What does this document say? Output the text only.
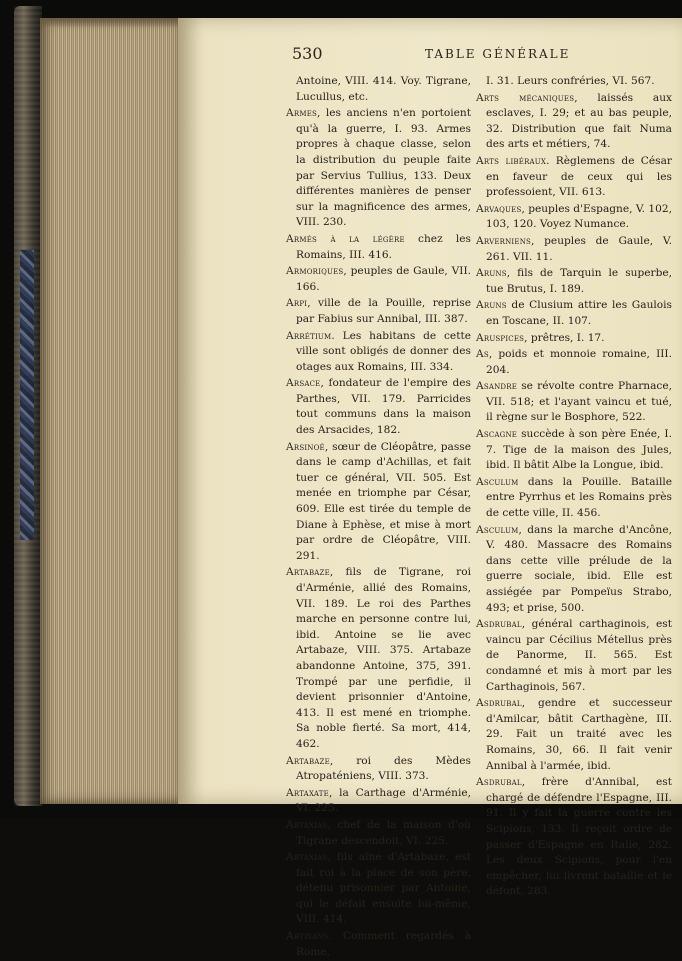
530	TABLE GÉNÉRALE
Antoine, VIII. 414. Voy. Tigrane, Lucullus, etc.
Armes, les anciens n'en portoient qu'à la guerre, I. 93. Armes propres à chaque classe, selon la distribution du peuple faite par Servius Tullius, 133. Deux différentes manières de penser sur la magnificence des armes, VIII. 230.
Armés à la légère chez les Romains, III. 416.
Armoriques, peuples de Gaule, VII. 166.
Arpi, ville de la Pouille, reprise par Fabius sur Annibal, III. 387.
Arrétium. Les habitans de cette ville sont obligés de donner des otages aux Romains, III. 334.
Arsace, fondateur de l'empire des Parthes, VII. 179. Parricides tout communs dans la maison des Arsacides, 182.
Arsinoé, sœur de Cléopâtre, passe dans le camp d'Achillas, et fait tuer ce général, VII. 505. Est menée en triomphe par César, 609. Elle est tirée du temple de Diane à Ephèse, et mise à mort par ordre de Cléopâtre, VIII. 291.
Artabaze, fils de Tigrane, roi d'Arménie, allié des Romains, VII. 189. Le roi des Parthes marche en personne contre lui, ibid. Antoine se lie avec Artabaze, VIII. 375. Artabaze abandonne Antoine, 375, 391. Trompé par une perfidie, il devient prisonnier d'Antoine, 413. Il est mené en triomphe. Sa noble fierté. Sa mort, 414, 462.
Artabaze, roi des Mèdes Atropaténiens, VIII. 373.
Artaxate, la Carthage d'Arménie, VI. 225.
Artaxias, chef de la maison d'où Tigrane descendoit, VI. 225.
Artaxias, fils aîné d'Artabaze, est fait roi à la place de son père, détenu prisonnier par Antoine, qui le défait ensuite lui-même, VIII. 414.
Artisans. Comment regardés à Rome,
I. 31. Leurs confréries, VI. 567.
Arts mécaniques, laissés aux esclaves, I. 29; et au bas peuple, 32. Distribution que fait Numa des arts et métiers, 74.
Arts libéraux. Règlemens de César en faveur de ceux qui les professoient, VII. 613.
Arvaques, peuples d'Espagne, V. 102, 103, 120. Voyez Numance.
Arverniens, peuples de Gaule, V. 261. VII. 11.
Aruns, fils de Tarquin le superbe, tue Brutus, I. 189.
Aruns de Clusium attire les Gaulois en Toscane, II. 107.
Aruspices, prêtres, I. 17.
As, poids et monnoie romaine, III. 204.
Asandre se révolte contre Pharnace, VII. 518; et l'ayant vaincu et tué, il règne sur le Bosphore, 522.
Ascagne succède à son père Enée, I. 7. Tige de la maison des Jules, ibid. Il bâtit Albe la Longue, ibid.
Asculum dans la Pouille. Bataille entre Pyrrhus et les Romains près de cette ville, II. 456.
Asculum, dans la marche d'Ancône, V. 480. Massacre des Romains dans cette ville prélude de la guerre sociale, ibid. Elle est assiégée par Pompeïus Strabo, 493; et prise, 500.
Asdrubal, général carthaginois, est vaincu par Cécilius Métellus près de Panorme, II. 565. Est condamné et mis à mort par les Carthaginois, 567.
Asdrubal, gendre et successeur d'Amilcar, bâtit Carthagène, III. 29. Fait un traité avec les Romains, 30, 66. Il fait venir Annibal à l'armée, ibid.
Asdrubal, frère d'Annibal, est chargé de défendre l'Espagne, III. 91. Il y fait la guerre contre les Scipions, 133. Il reçoit ordre de passer d'Espagne en Italie, 282. Les deux Scipions, pour l'en empêcher, lui livrent bataille et le défont, 283.
